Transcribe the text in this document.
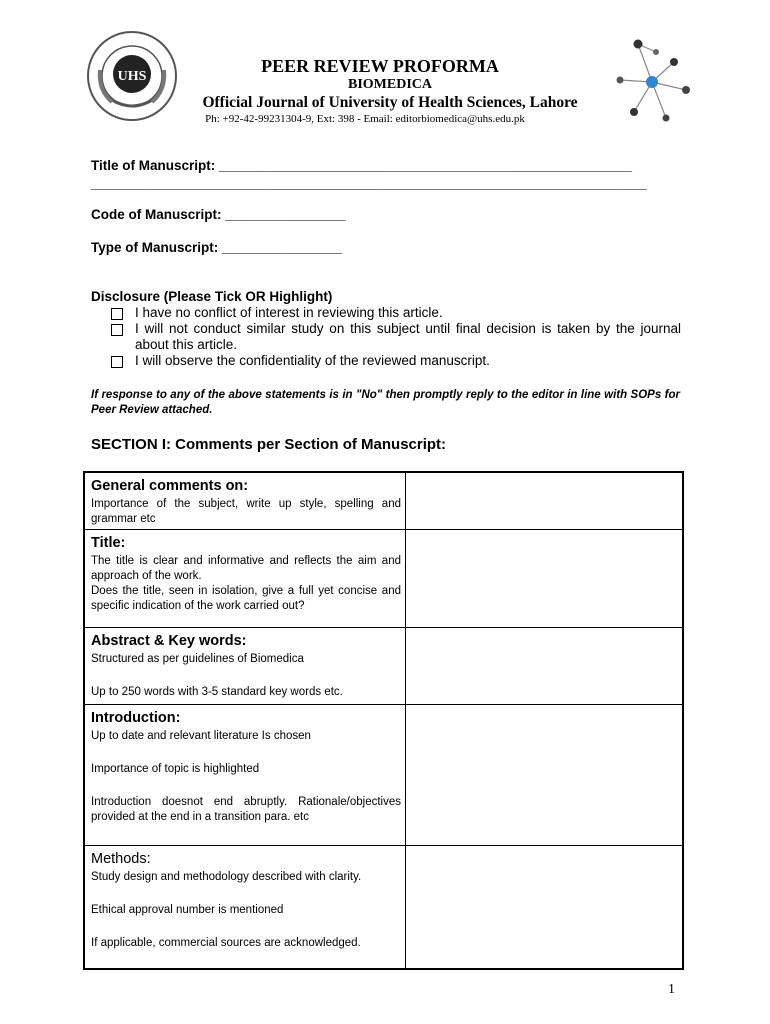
UHS
PEER REVIEW PROFORMA
BIOMEDICA
Official Journal of University of Health Sciences, Lahore
Ph: +92-42-99231304-9, Ext: 398 - Email: editorbiomedica@uhs.edu.pk
Title of Manuscript: _______________________________________________________
__________________________________________________________________________
Code of Manuscript: ________________
Type of Manuscript: ________________
Disclosure (Please Tick OR Highlight)
I have no conflict of interest in reviewing this article.
I will not conduct similar study on this subject until final decision is taken by the journal about this article.
I will observe the confidentiality of the reviewed manuscript.
If response to any of the above statements is in "No" then promptly reply to the editor in line with SOPs for Peer Review attached.
SECTION I: Comments per Section of Manuscript:
General comments on:
Importance of the subject, write up style, spelling and grammar etc
Title:
The title is clear and informative and reflects the aim and approach of the work.
Does the title, seen in isolation, give a full yet concise and specific indication of the work carried out?
Abstract & Key words:
Structured as per guidelines of Biomedica
Up to 250 words with 3-5 standard key words etc.
Introduction:
Up to date and relevant literature Is chosen
Importance of topic is highlighted
Introduction doesnot end abruptly. Rationale/objectives provided at the end in a transition para. etc
Methods:
Study design and methodology described with clarity.
Ethical approval number is mentioned
If applicable, commercial sources are acknowledged.
1
